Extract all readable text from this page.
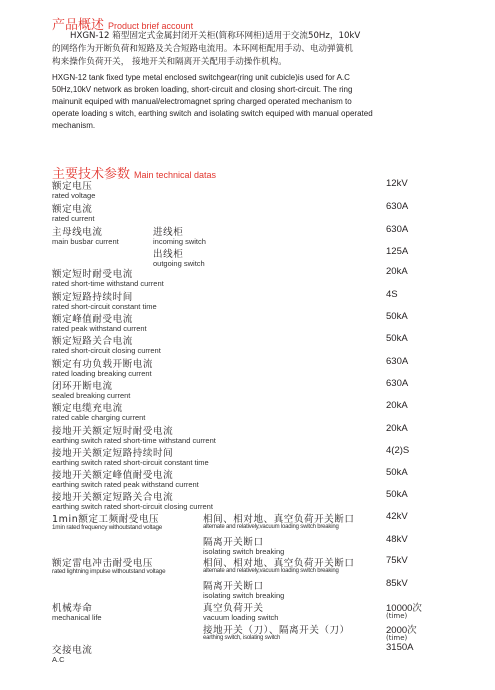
产品概述 Product brief account
HXGN-12 箱型固定式金属封闭开关柜(简称环网柜)适用于交流50Hz，10kV
的网络作为开断负荷和短路及关合短路电流用。本环网柜配用手动、电动弹簧机
构来操作负荷开关， 接地开关和隔离开关配用手动操作机构。
HXGN-12 tank fixed type metal enclosed switchgear(ring unit cubicle)is used for A.C
50Hz,10kV network as broken loading, short-circuit and closing short-circuit. The ring
mainunit equiped with manual/electromagnet spring charged operated mechanism to
operate loading s witch, earthing switch and isolating switch equiped with manual operated
mechanism.
主要技术参数 Main technical datas
额定电压
rated voltage
12kV
额定电流
rated current
630A
主母线电流
main busbar current
进线柜
incoming switch
630A
出线柜
outgoing switch
125A
额定短时耐受电流
rated short-time withstand current
20kA
额定短路持续时间
rated short-circuit constant time
4S
额定峰值耐受电流
rated peak withstand current
50kA
额定短路关合电流
rated short-circuit closing current
50kA
额定有功负载开断电流
rated loading breaking current
630A
闭环开断电流
sealed breaking current
630A
额定电缆充电流
rated cable charging current
20kA
接地开关额定短时耐受电流
earthing switch rated short-time withstand current
20kA
接地开关额定短路持续时间
earthing switch rated short-circuit constant time
4(2)S
接地开关额定峰值耐受电流
earthing switch rated peak withstand current
50kA
接地开关额定短路关合电流
earthing switch rated short-circuit closing current
50kA
1min额定工频耐受电压
1min rated frequency withoutstand voltage
相间、相对地、真空负荷开关断口
alternate and relatively,vacuum loading switch breaking
42kV
隔离开关断口
isolating switch breaking
48kV
额定雷电冲击耐受电压
rated lightning impulse withoutstand voltage
相间、相对地、真空负荷开关断口
alternate and relatively,vacuum loading switch breaking
75kV
隔离开关断口
isolating switch breaking
85kV
机械寿命
mechanical life
真空负荷开关
vacuum loading switch
10000次
(time)
接地开关（刀）、隔离开关（刀）
earthing switch, isolating switch
2000次
(time)
交接电流
A.C
3150A
